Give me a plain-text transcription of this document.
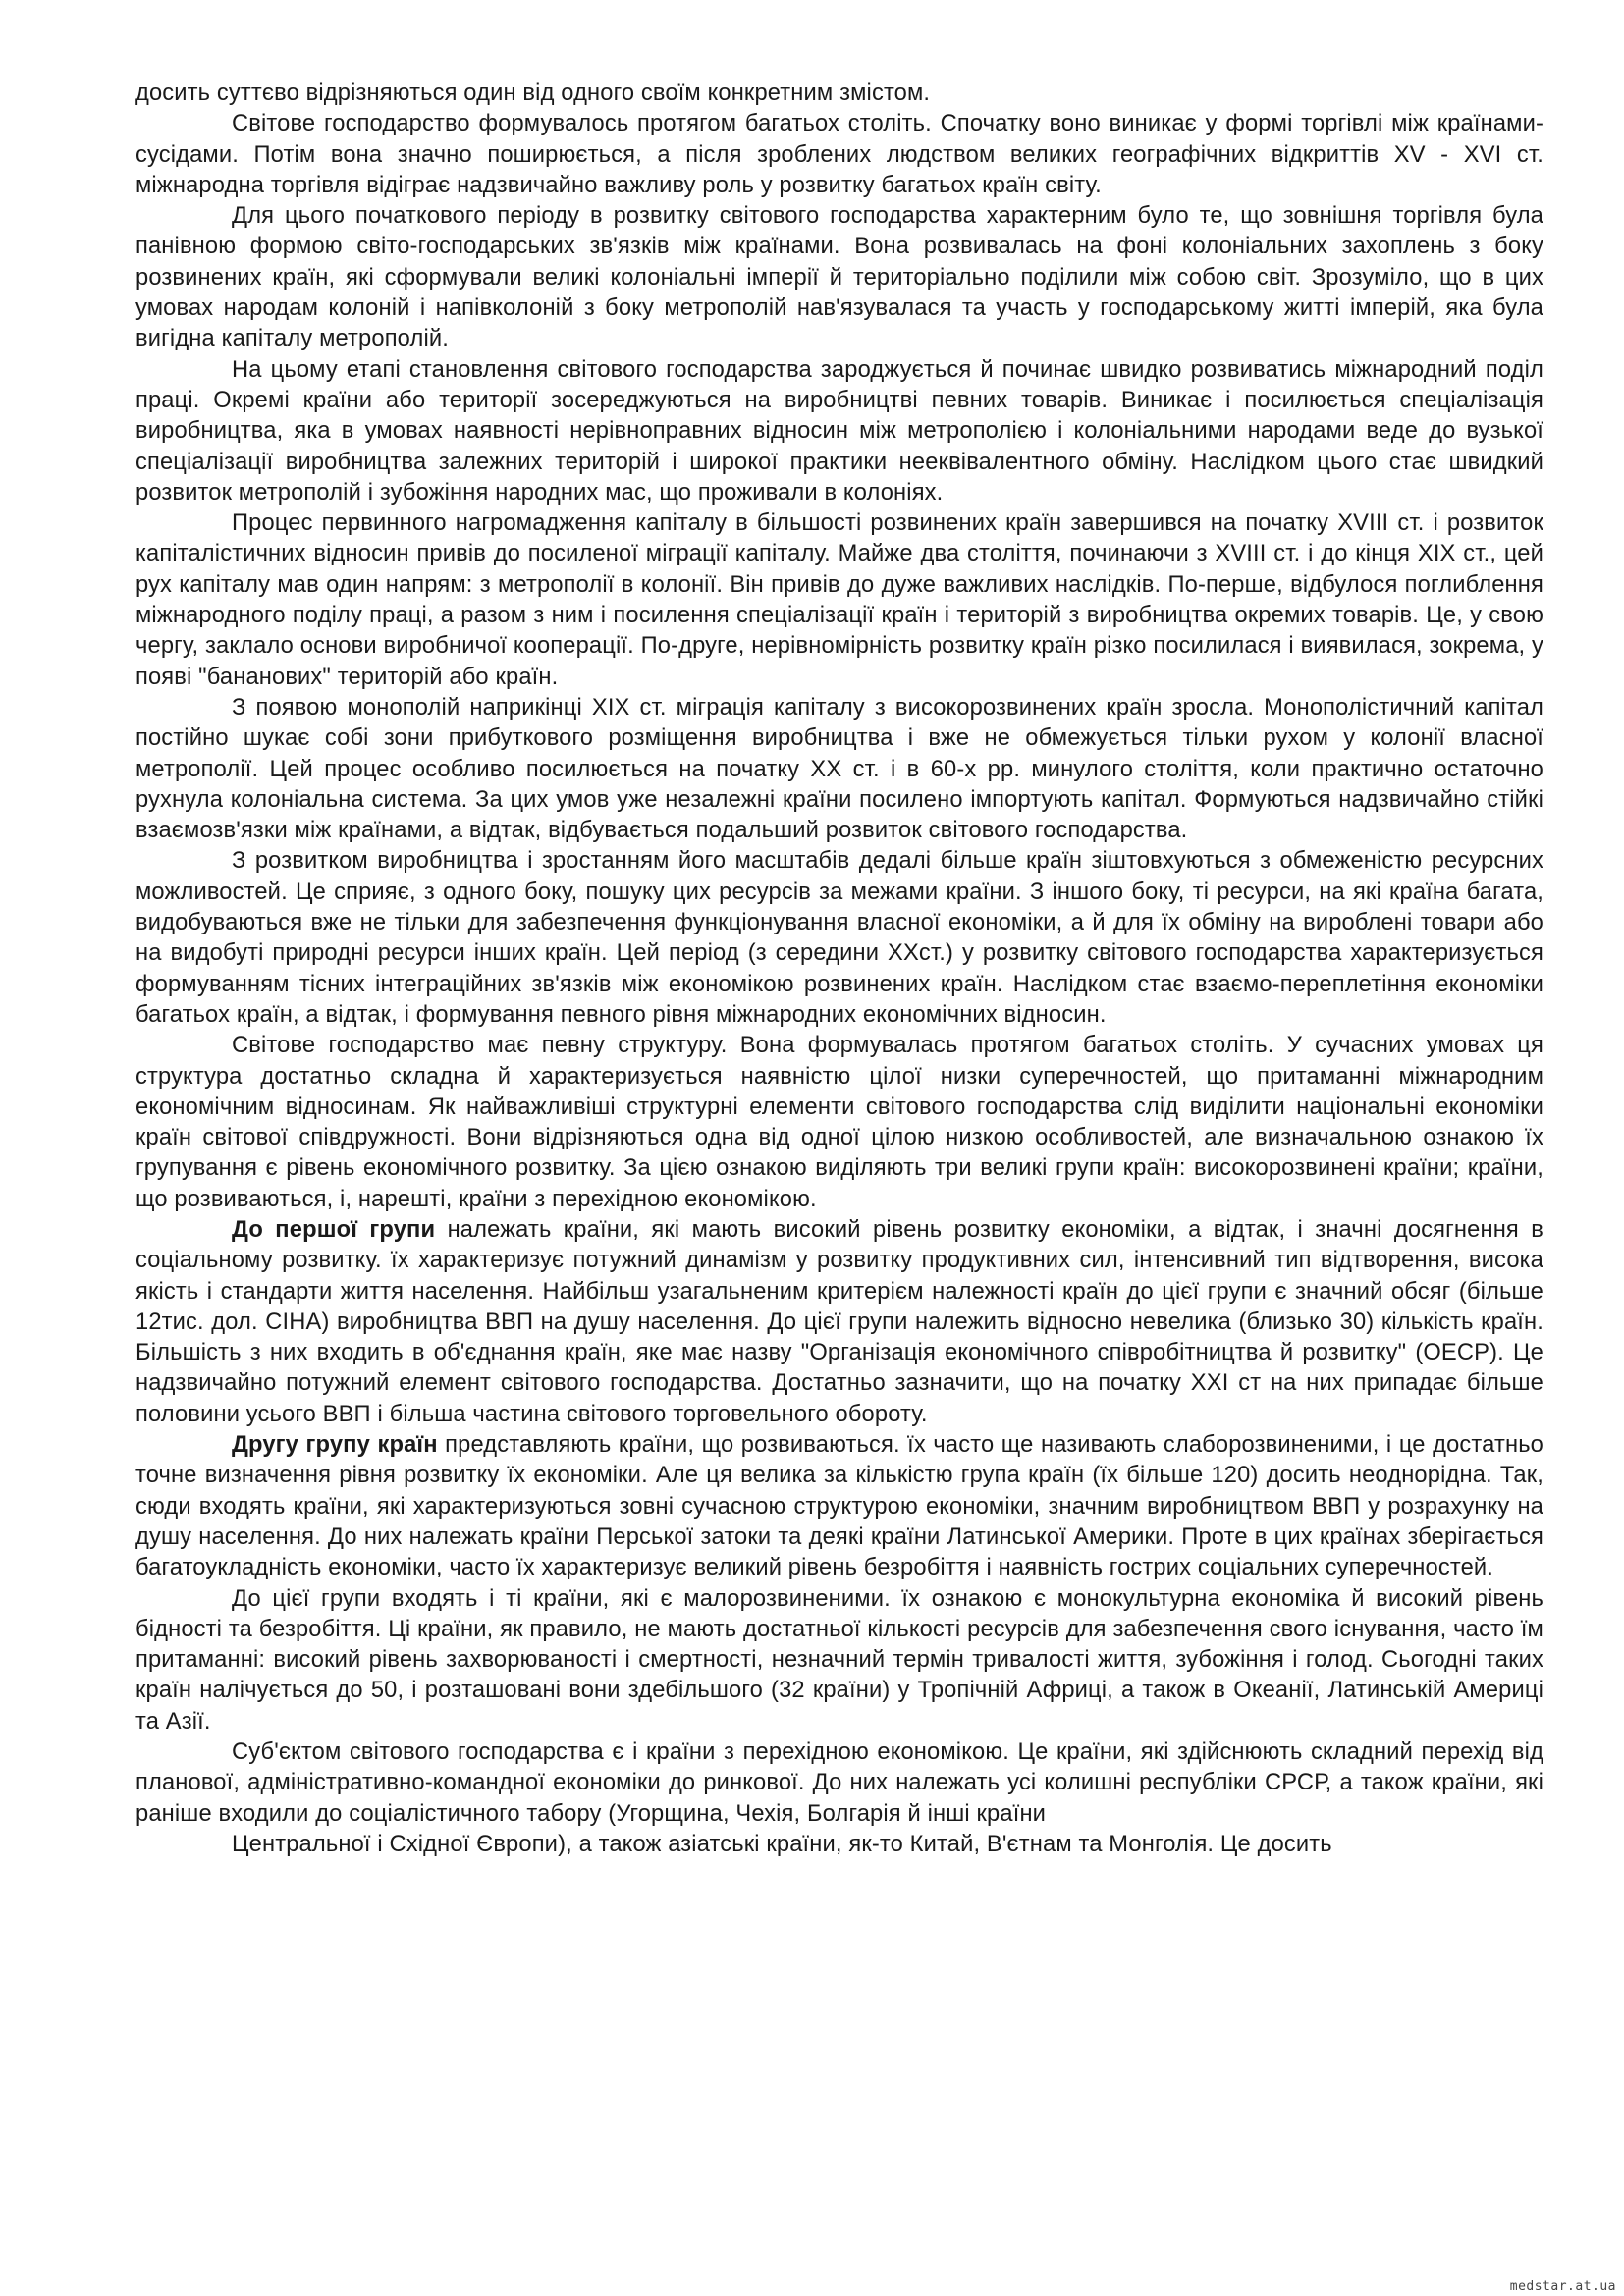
досить суттєво відрізняються один від одного своїм конкретним змістом.

Світове господарство формувалось протягом багатьох століть. Спочатку воно виникає у формі торгівлі між країнами-сусідами. Потім вона значно поширюється, а після зроблених людством великих географічних відкриттів XV - XVI ст. міжнародна торгівля відіграє надзвичайно важливу роль у розвитку багатьох країн світу.

Для цього початкового періоду в розвитку світового господарства характерним було те, що зовнішня торгівля була панівною формою світо-господарських зв'язків між країнами. Вона розвивалась на фоні колоніальних захоплень з боку розвинених країн, які сформували великі колоніальні імперії й територіально поділили між собою світ. Зрозуміло, що в цих умовах народам колоній і напівколоній з боку метрополій нав'язувалася та участь у господарському житті імперій, яка була вигідна капіталу метрополій.

На цьому етапі становлення світового господарства зароджується й починає швидко розвиватись міжнародний поділ праці. Окремі країни або території зосереджуються на виробництві певних товарів. Виникає і посилюється спеціалізація виробництва, яка в умовах наявності нерівноправних відносин між метрополією і колоніальними народами веде до вузької спеціалізації виробництва залежних територій і широкої практики нееквівалентного обміну. Наслідком цього стає швидкий розвиток метрополій і зубожіння народних мас, що проживали в колоніях.

Процес первинного нагромадження капіталу в більшості розвинених країн завершився на початку XVIII ст. і розвиток капіталістичних відносин привів до посиленої міграції капіталу. Майже два століття, починаючи з XVIII ст. і до кінця XIX ст., цей рух капіталу мав один напрям: з метрополії в колонії. Він привів до дуже важливих наслідків. По-перше, відбулося поглиблення міжнародного поділу праці, а разом з ним і посилення спеціалізації країн і територій з виробництва окремих товарів. Це, у свою чергу, заклало основи виробничої кооперації. По-друге, нерівномірність розвитку країн різко посилилася і виявилася, зокрема, у появі "бананових" територій або країн.

З появою монополій наприкінці XIX ст. міграція капіталу з високорозвинених країн зросла. Монополістичний капітал постійно шукає собі зони прибуткового розміщення виробництва і вже не обмежується тільки рухом у колонії власної метрополії. Цей процес особливо посилюється на початку XX ст. і в 60-х рр. минулого століття, коли практично остаточно рухнула колоніальна система. За цих умов уже незалежні країни посилено імпортують капітал. Формуються надзвичайно стійкі взаємозв'язки між країнами, а відтак, відбувається подальший розвиток світового господарства.

З розвитком виробництва і зростанням його масштабів дедалі більше країн зіштовхуються з обмеженістю ресурсних можливостей. Це сприяє, з одного боку, пошуку цих ресурсів за межами країни. З іншого боку, ті ресурси, на які країна багата, видобуваються вже не тільки для забезпечення функціонування власної економіки, а й для їх обміну на вироблені товари або на видобуті природні ресурси інших країн. Цей період (з середини ХХст.) у розвитку світового господарства характеризується формуванням тісних інтеграційних зв'язків між економікою розвинених країн. Наслідком стає взаємо-переплетіння економіки багатьох країн, а відтак, і формування певного рівня міжнародних економічних відносин.

Світове господарство має певну структуру. Вона формувалась протягом багатьох століть. У сучасних умовах ця структура достатньо складна й характеризується наявністю цілої низки суперечностей, що притаманні міжнародним економічним відносинам. Як найважливіші структурні елементи світового господарства слід виділити національні економіки країн світової співдружності. Вони відрізняються одна від одної цілою низкою особливостей, але визначальною ознакою їх групування є рівень економічного розвитку. За цією ознакою виділяють три великі групи країн: високорозвинені країни; країни, що розвиваються, і, нарешті, країни з перехідною економікою.

До першої групи належать країни, які мають високий рівень розвитку економіки, а відтак, і значні досягнення в соціальному розвитку. їх характеризує потужний динамізм у розвитку продуктивних сил, інтенсивний тип відтворення, висока якість і стандарти життя населення. Найбільш узагальненим критерієм належності країн до цієї групи є значний обсяг (більше 12тис. дол. СІНА) виробництва ВВП на душу населення. До цієї групи належить відносно невелика (близько 30) кількість країн. Більшість з них входить в об'єднання країн, яке має назву "Організація економічного співробітництва й розвитку" (ОЕСР). Це надзвичайно потужний елемент світового господарства. Достатньо зазначити, що на початку XXI ст на них припадає більше половини усього ВВП і більша частина світового торговельного обороту.

Другу групу країн представляють країни, що розвиваються. їх часто ще називають слаборозвиненими, і це достатньо точне визначення рівня розвитку їх економіки. Але ця велика за кількістю група країн (їх більше 120) досить неоднорідна. Так, сюди входять країни, які характеризуються зовні сучасною структурою економіки, значним виробництвом ВВП у розрахунку на душу населення. До них належать країни Перської затоки та деякі країни Латинської Америки. Проте в цих країнах зберігається багатоукладність економіки, часто їх характеризує великий рівень безробіття і наявність гострих соціальних суперечностей.

До цієї групи входять і ті країни, які є малорозвиненими. їх ознакою є монокультурна економіка й високий рівень бідності та безробіття. Ці країни, як правило, не мають достатньої кількості ресурсів для забезпечення свого існування, часто їм притаманні: високий рівень захворюваності і смертності, незначний термін тривалості життя, зубожіння і голод. Сьогодні таких країн налічується до 50, і розташовані вони здебільшого (32 країни) у Тропічній Африці, а також в Океанії, Латинській Америці та Азії.

Суб'єктом світового господарства є і країни з перехідною економікою. Це країни, які здійснюють складний перехід від планової, адміністративно-командної економіки до ринкової. До них належать усі колишні республіки СРСР, а також країни, які раніше входили до соціалістичного табору (Угорщина, Чехія, Болгарія й інші країни

Центральної і Східної Європи), а також азіатські країни, як-то Китай, В'єтнам та Монголія. Це досить

medstar.at.ua
